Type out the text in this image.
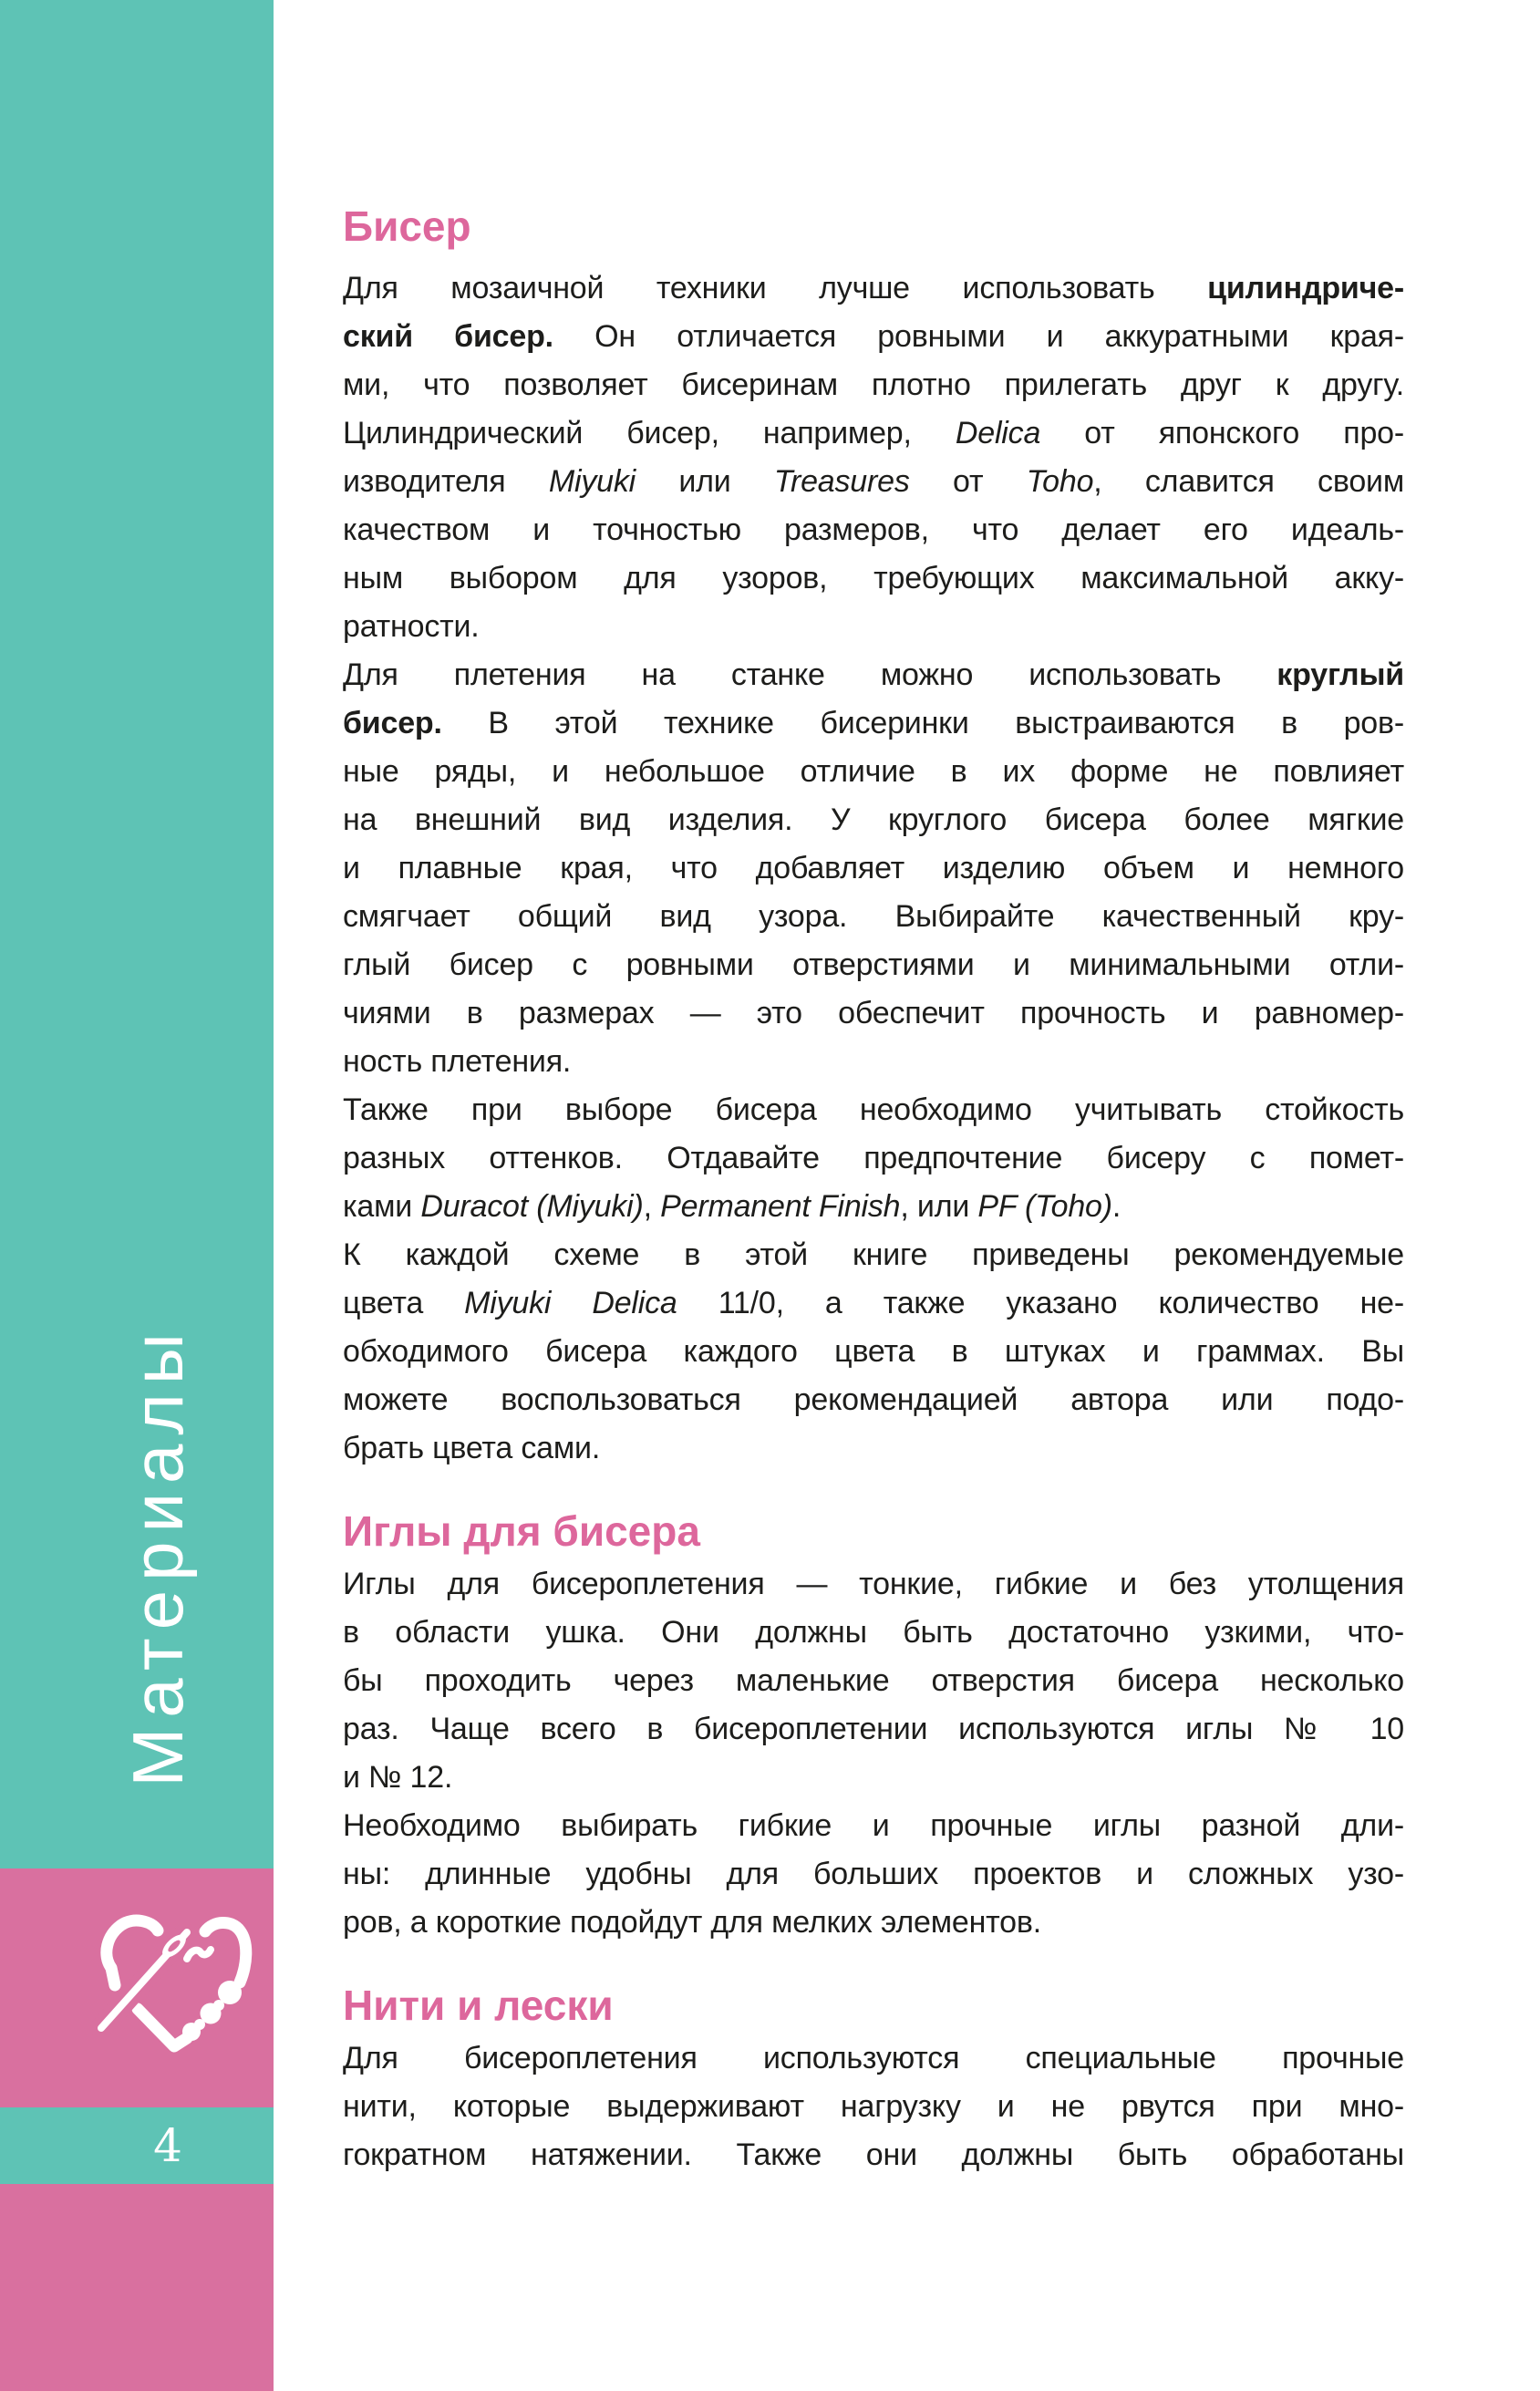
Материалы
4
Бисер
Для мозаичной техники лучше использовать цилиндриче-
ский бисер. Он отличается ровными и аккуратными края-
ми, что позволяет бисеринам плотно прилегать друг к другу.
Цилиндрический бисер, например, Delica от японского про-
изводителя Miyuki или Treasures от Toho, славится своим
качеством и точностью размеров, что делает его идеаль-
ным выбором для узоров, требующих максимальной акку-
ратности.
Для плетения на станке можно использовать круглый
бисер. В этой технике бисеринки выстраиваются в ров-
ные ряды, и небольшое отличие в их форме не повлияет
на внешний вид изделия. У круглого бисера более мягкие
и плавные края, что добавляет изделию объем и немного
смягчает общий вид узора. Выбирайте качественный кру-
глый бисер с ровными отверстиями и минимальными отли-
чиями в размерах — это обеспечит прочность и равномер-
ность плетения.
Также при выборе бисера необходимо учитывать стойкость
разных оттенков. Отдавайте предпочтение бисеру с помет-
ками Duracot (Miyuki), Permanent Finish, или PF (Toho).
К каждой схеме в этой книге приведены рекомендуемые
цвета Miyuki Delica 11/0, а также указано количество не-
обходимого бисера каждого цвета в штуках и граммах. Вы
можете воспользоваться рекомендацией автора или подо-
брать цвета сами.
Иглы для бисера
Иглы для бисероплетения — тонкие, гибкие и без утолщения
в области ушка. Они должны быть достаточно узкими, что-
бы проходить через маленькие отверстия бисера несколько
раз. Чаще всего в бисероплетении используются иглы № 10
и № 12.
Необходимо выбирать гибкие и прочные иглы разной дли-
ны: длинные удобны для больших проектов и сложных узо-
ров, а короткие подойдут для мелких элементов.
Нити и лески
Для бисероплетения используются специальные прочные
нити, которые выдерживают нагрузку и не рвутся при мно-
гократном натяжении. Также они должны быть обработаны
